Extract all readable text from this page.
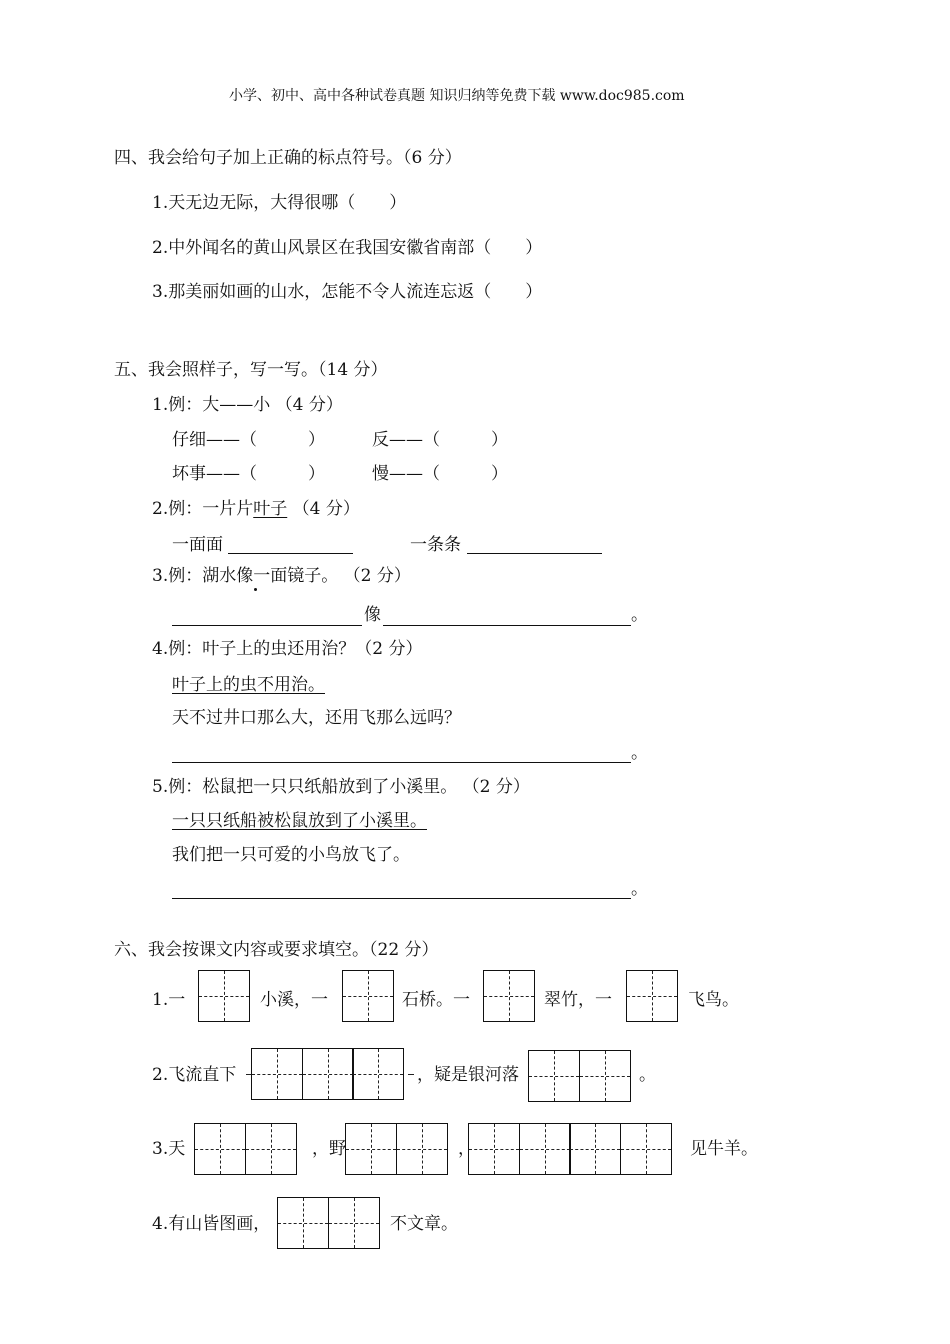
小学、初中、高中各种试卷真题 知识归纳等免费下载 www.doc985.com
四、我会给句子加上正确的标点符号。（6 分）
1.天无边无际，大得很哪（　　）
2.中外闻名的黄山风景区在我国安徽省南部（　　）
3.那美丽如画的山水，怎能不令人流连忘返（　　）
五、我会照样子，写一写。（14 分）
1.例：大——小 （4 分）
仔细——（　　　）	反——（　　　）
坏事——（　　　）	慢——（　　　）
2.例：一片片叶子 （4 分）
一面面	一条条
3.例：湖水像一面镜子。 （2 分）
像	。
4.例：叶子上的虫还用治？（2 分）
叶子上的虫不用治。
天不过井口那么大，还用飞那么远吗？
。
5.例：松鼠把一只只纸船放到了小溪里。 （2 分）
一只只纸船被松鼠放到了小溪里。
我们把一只可爱的小鸟放飞了。
。
六、我会按课文内容或要求填空。（22 分）
1.一	小溪，一	石桥。一	翠竹，一	飞鸟。
2.飞流直下	，疑是银河落	。
3.天	，野	，	见牛羊。
4.有山皆图画，	不文章。
